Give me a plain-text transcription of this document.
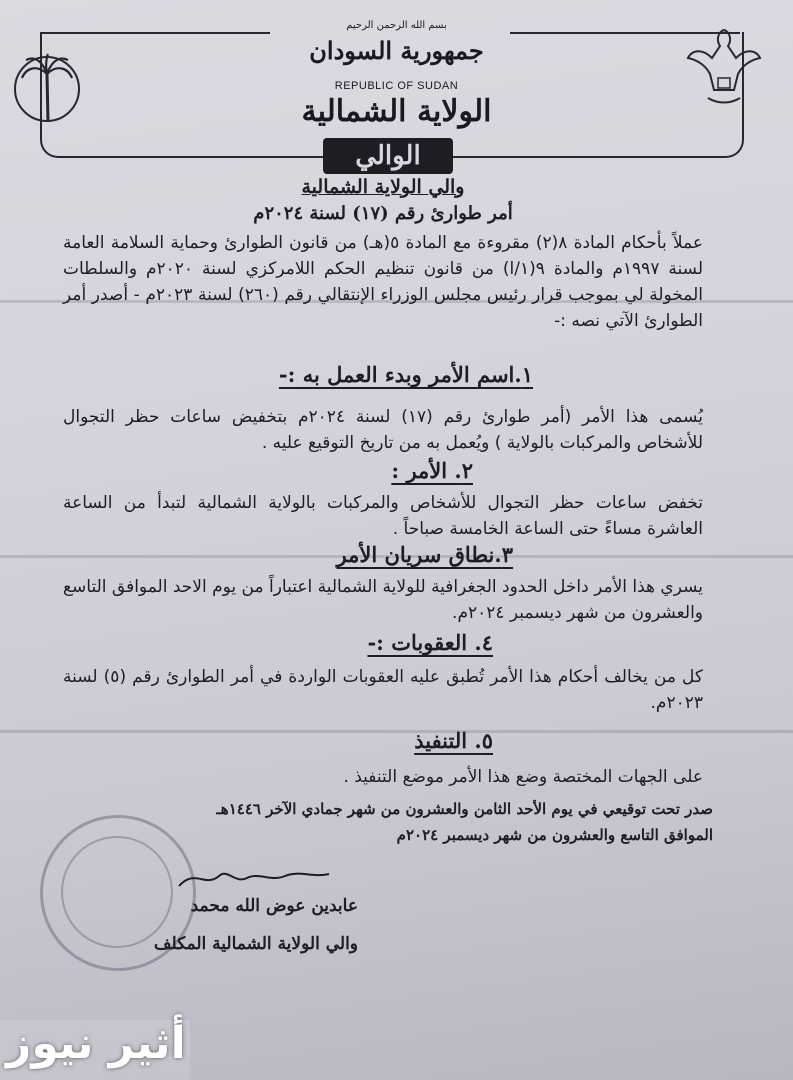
بسم الله الرحمن الرحيم
جمهورية السودان
REPUBLIC OF SUDAN
الولاية الشمالية
الوالي
والي الولاية الشمالية
أمر طوارئ رقم (١٧) لسنة ٢٠٢٤م
عملاً بأحكام المادة ٨(٢) مقروءة مع المادة ٥(هـ) من قانون الطوارئ وحماية السلامة العامة لسنة ١٩٩٧م والمادة ٩(١/ا) من قانون تنظيم الحكم اللامركزي لسنة ٢٠٢٠م والسلطات المخولة لي بموجب قرار رئيس مجلس الوزراء الإنتقالي رقم (٢٦٠) لسنة ٢٠٢٣م - أصدر أمر الطوارئ الآتي نصه :-
١.اسم الأمر وبدء العمل به :-
يُسمى هذا الأمر (أمر طوارئ رقم (١٧) لسنة ٢٠٢٤م بتخفيض ساعات حظر التجوال للأشخاص والمركبات بالولاية ) ويُعمل به من تاريخ التوقيع عليه .
٢. الأمر :
تخفض ساعات حظر التجوال للأشخاص والمركبات بالولاية الشمالية لتبدأ من الساعة العاشرة مساءً حتى الساعة الخامسة صباحاً .
٣.نطاق سريان الأمر
يسري هذا الأمر داخل الحدود الجغرافية للولاية الشمالية اعتباراً من يوم الاحد الموافق التاسع والعشرون من شهر ديسمبر ٢٠٢٤م.
٤. العقوبات :-
كل من يخالف أحكام هذا الأمر تُطبق عليه العقوبات الواردة في أمر الطوارئ رقم (٥) لسنة ٢٠٢٣م.
٥. التنفيذ
على الجهات المختصة وضع هذا الأمر موضع التنفيذ .
صدر تحت توقيعي في يوم الأحد الثامن والعشرون من شهر جمادي الآخر ١٤٤٦هـ
الموافق التاسع والعشرون من شهر ديسمبر ٢٠٢٤م
عابدين عوض الله محمد
والي الولاية الشمالية المكلف
أثير نيوز
